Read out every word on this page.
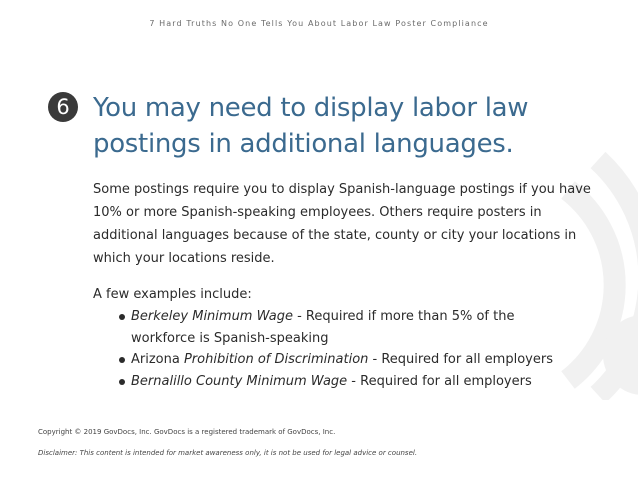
7 Hard Truths No One Tells You About Labor Law Poster Compliance
6 You may need to display labor law postings in additional languages.

Some postings require you to display Spanish-language postings if you have 10% or more Spanish-speaking employees. Others require posters in additional languages because of the state, county or city your locations in which your locations reside.

A few examples include:

Berkeley Minimum Wage - Required if more than 5% of the workforce is Spanish-speaking
Arizona Prohibition of Discrimination - Required for all employers
Bernalillo County Minimum Wage - Required for all employers
Copyright © 2019 GovDocs, Inc. GovDocs is a registered trademark of GovDocs, Inc.
Disclaimer: This content is intended for market awareness only, it is not be used for legal advice or counsel.
